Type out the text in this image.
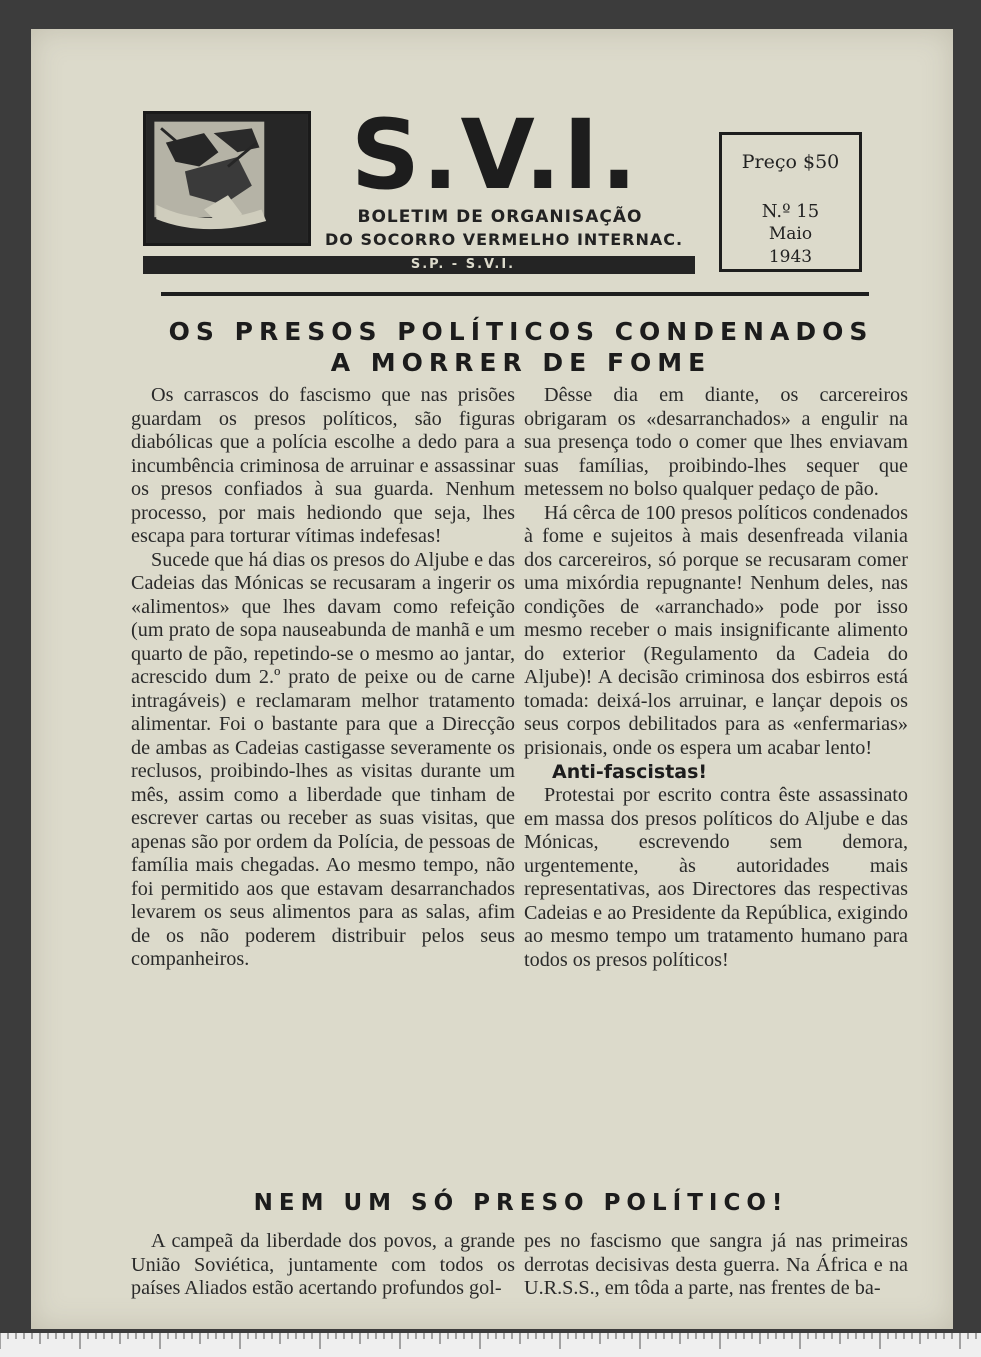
S.V.I.
BOLETIM DE ORGANISAÇÃO
DO SOCORRO VERMELHO INTERNAC.
S.P. - S.V.I.
Preço $50
N.º 15
Maio
1943
OS PRESOS POLÍTICOS CONDENADOS
A MORRER DE FOME

Os carrascos do fascismo que nas prisões guardam os presos políticos, são figuras diabólicas que a polícia escolhe a dedo para a incumbência criminosa de arruinar e assassinar os presos confiados à sua guarda. Nenhum processo, por mais hediondo que seja, lhes escapa para torturar vítimas indefesas!

Sucede que há dias os presos do Aljube e das Cadeias das Mónicas se recusaram a ingerir os «alimentos» que lhes davam como refeição (um prato de sopa nauseabunda de manhã e um quarto de pão, repetindo-se o mesmo ao jantar, acrescido dum 2.º prato de peixe ou de carne intragáveis) e reclamaram melhor tratamento alimentar. Foi o bastante para que a Direcção de ambas as Cadeias castigasse severamente os reclusos, proibindo-lhes as visitas durante um mês, assim como a liberdade que tinham de escrever cartas ou receber as suas visitas, que apenas são por ordem da Polícia, de pessoas de família mais chegadas. Ao mesmo tempo, não foi permitido aos que estavam desarranchados levarem os seus alimentos para as salas, afim de os não poderem distribuir pelos seus companheiros.

Dêsse dia em diante, os carcereiros obrigaram os «desarranchados» a engulir na sua presença todo o comer que lhes enviavam suas famílias, proibindo-lhes sequer que metessem no bolso qualquer pedaço de pão.

Há cêrca de 100 presos políticos condenados à fome e sujeitos à mais desenfreada vilania dos carcereiros, só porque se recusaram comer uma mixórdia repugnante! Nenhum deles, nas condições de «arranchado» pode por isso mesmo receber o mais insignificante alimento do exterior (Regulamento da Cadeia do Aljube)! A decisão criminosa dos esbirros está tomada: deixá-los arruinar, e lançar depois os seus corpos debilitados para as «enfermarias» prisionais, onde os espera um acabar lento!

Anti-fascistas!

Protestai por escrito contra êste assassinato em massa dos presos políticos do Aljube e das Mónicas, escrevendo sem demora, urgentemente, às autoridades mais representativas, aos Directores das respectivas Cadeias e ao Presidente da República, exigindo ao mesmo tempo um tratamento humano para todos os presos políticos!

NEM UM SÓ PRESO POLÍTICO!

A campeã da liberdade dos povos, a grande União Soviética, juntamente com todos os países Aliados estão acertando profundos gol-

pes no fascismo que sangra já nas primeiras derrotas decisivas desta guerra. Na África e na U.R.S.S., em tôda a parte, nas frentes de ba-
